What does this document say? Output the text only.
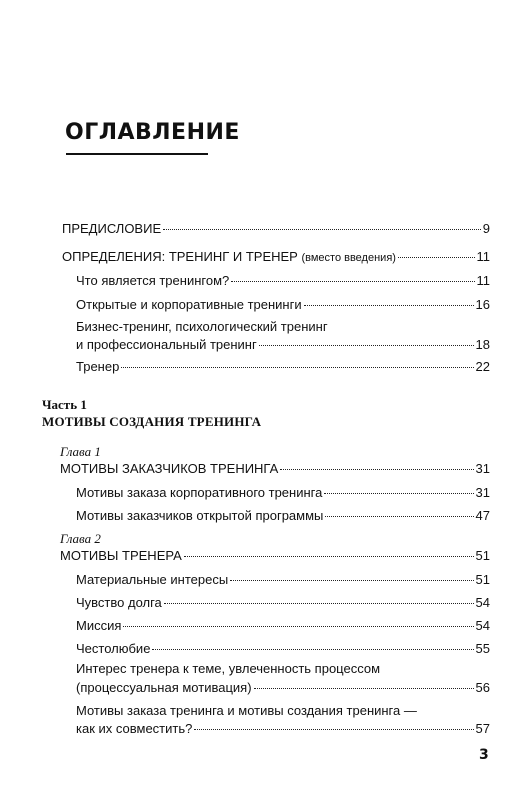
ОГЛАВЛЕНИЕ
ПРЕДИСЛОВИЕ	9
ОПРЕДЕЛЕНИЯ: ТРЕНИНГ И ТРЕНЕР (вместо введения)	11
Что является тренингом?	11
Открытые и корпоративные тренинги	16
Бизнес-тренинг, психологический тренинг
и профессиональный тренинг	18
Тренер	22
Часть 1
МОТИВЫ СОЗДАНИЯ ТРЕНИНГА
Глава 1
МОТИВЫ ЗАКАЗЧИКОВ ТРЕНИНГА	31
Мотивы заказа корпоративного тренинга	31
Мотивы заказчиков открытой программы	47
Глава 2
МОТИВЫ ТРЕНЕРА	51
Материальные интересы	51
Чувство долга	54
Миссия	54
Честолюбие	55
Интерес тренера к теме, увлеченность процессом
(процессуальная мотивация)	56
Мотивы заказа тренинга и мотивы создания тренинга —
как их совместить?	57
3
